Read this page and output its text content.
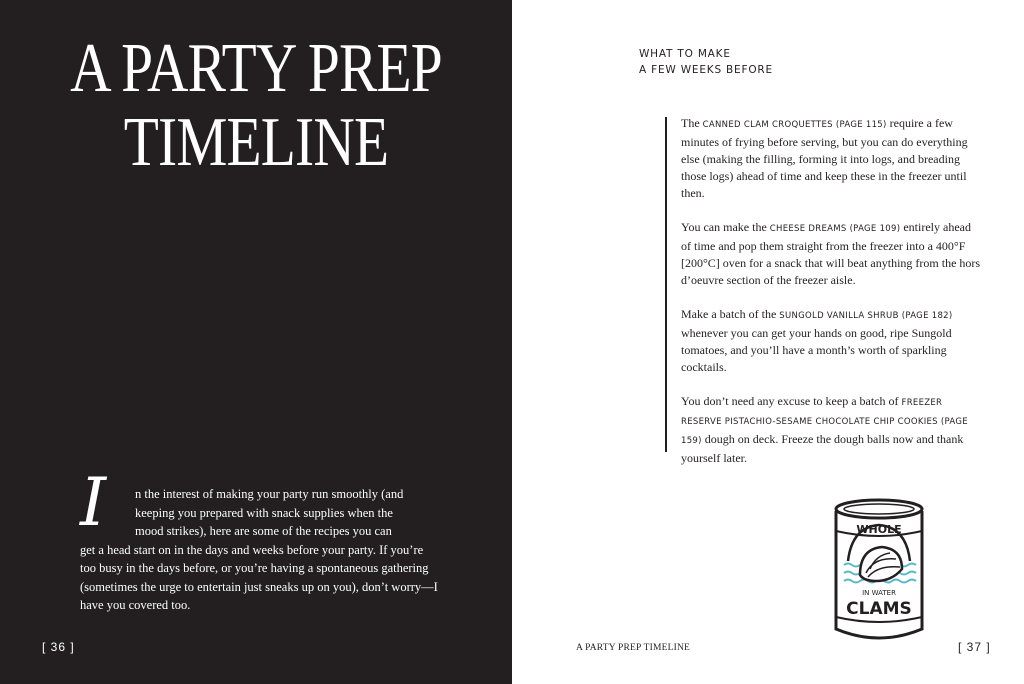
A PARTY PREP
TIMELINE
I	n the interest of making your party run smoothly (and
keeping you prepared with snack supplies when the
mood strikes), here are some of the recipes you can
get a head start on in the days and weeks before your party. If you’re too busy in the days before, or you’re having a spontaneous gathering (sometimes the urge to entertain just sneaks up on you), don’t worry—I have you covered too.

[ 36 ]
WHAT TO MAKE
A FEW WEEKS BEFORE

The CANNED CLAM CROQUETTES (PAGE 115) require a few minutes of frying before serving, but you can do everything else (making the filling, forming it into logs, and breading those logs) ahead of time and keep these in the freezer until then.

You can make the CHEESE DREAMS (PAGE 109) entirely ahead of time and pop them straight from the freezer into a 400°F [200°C] oven for a snack that will beat anything from the hors d’oeuvre section of the freezer aisle.

Make a batch of the SUNGOLD VANILLA SHRUB (PAGE 182) whenever you can get your hands on good, ripe Sungold tomatoes, and you’ll have a month’s worth of sparkling cocktails.

You don’t need any excuse to keep a batch of FREEZER RESERVE PISTACHIO-SESAME CHOCOLATE CHIP COOKIES (PAGE 159) dough on deck. Freeze the dough balls now and thank yourself later.

WHOLE
IN WATER
CLAMS
A PARTY PREP TIMELINE	[ 37 ]
